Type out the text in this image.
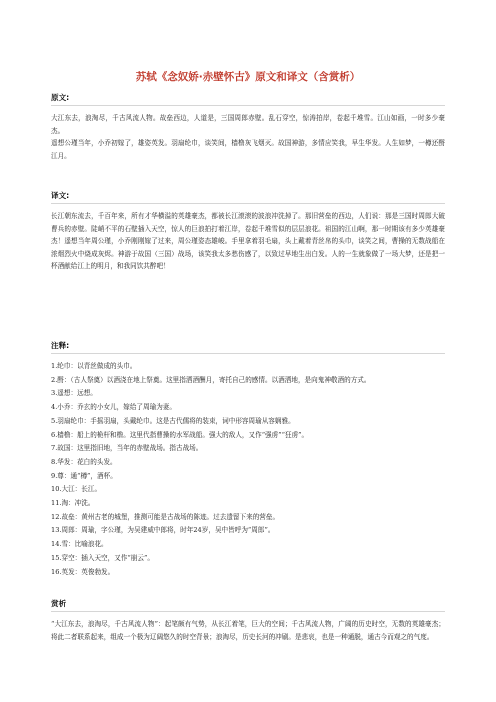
苏轼《念奴娇·赤壁怀古》原文和译文（含赏析）
原文:

大江东去，浪淘尽，千古风流人物。故垒西边，人道是，三国周郎赤壁。乱石穿空，惊涛拍岸，卷起千堆雪。江山如画，一时多少豪杰。

遥想公瑾当年，小乔初嫁了，雄姿英发。羽扇纶巾，谈笑间，樯橹灰飞烟灭。故国神游，多情应笑我，早生华发。人生如梦，一樽还酹江月。

译文:

长江朝东流去，千百年来，所有才华横溢的英雄豪杰，都被长江滚滚的波浪冲洗掉了。那旧营垒的西边，人们说：那是三国时周郎大破曹兵的赤壁。陡峭不平的石壁插入天空，惊人的巨浪拍打着江岸，卷起千堆雪似的层层浪花。祖国的江山啊，那一时期该有多少英雄豪杰！遥想当年周公瑾，小乔刚刚嫁了过来，周公瑾姿态雄峻。手里拿着羽毛扇，头上戴着青丝帛的头巾，谈笑之间，曹操的无数战船在浓烟烈火中烧成灰烬。神游于故国（三国）战场，该笑我太多愁伤感了，以致过早地生出白发。人的一生就象做了一场大梦，还是把一杯酒献给江上的明月，和我同饮共醉吧！

注释:

1.纶巾：以青丝做成的头巾。

2.酹：（古人祭奠）以酒浇在地上祭奠。这里指洒酒酬月，寄托自己的感情。以酒洒地，是向鬼神敬酒的方式。

3.遥想：远想。

4.小乔：乔玄的小女儿，嫁给了周瑜为妻。

5.羽扇纶巾：手摇羽扇，头戴纶巾。这是古代儒将的装束，词中形容周瑜从容娴雅。

6.樯橹：船上的桅杆和橹。这里代指曹操的水军战船。强大的敌人，又作“强虏”“狂虏”。

7.故国：这里指旧地，当年的赤壁战场。指古战场。

8.华发：花白的头发。

9.尊：通“樽”，酒杯。

10.大江：长江。

11.淘：冲洗。

12.故垒：黄州古老的城堡，推测可能是古战场的陈迹。过去遗留下来的营垒。

13.周郎：周瑜，字公瑾，为吴建威中郎将，时年24岁，吴中皆呼为“周郎”。

14.雪：比喻浪花。

15.穿空：插入天空，又作“崩云”。

16.英发：英俊勃发。

赏析

“大江东去，浪淘尽，千古风流人物”：起笔颇有气势，从长江着笔，巨大的空间；千古风流人物，广阔的历史时空，无数的英雄豪杰；将此二者联系起来，组成一个极为辽阔悠久的时空背景；浪淘尽，历史长河的冲刷。是悲哀，也是一种通脱，通古今而观之的气度。
